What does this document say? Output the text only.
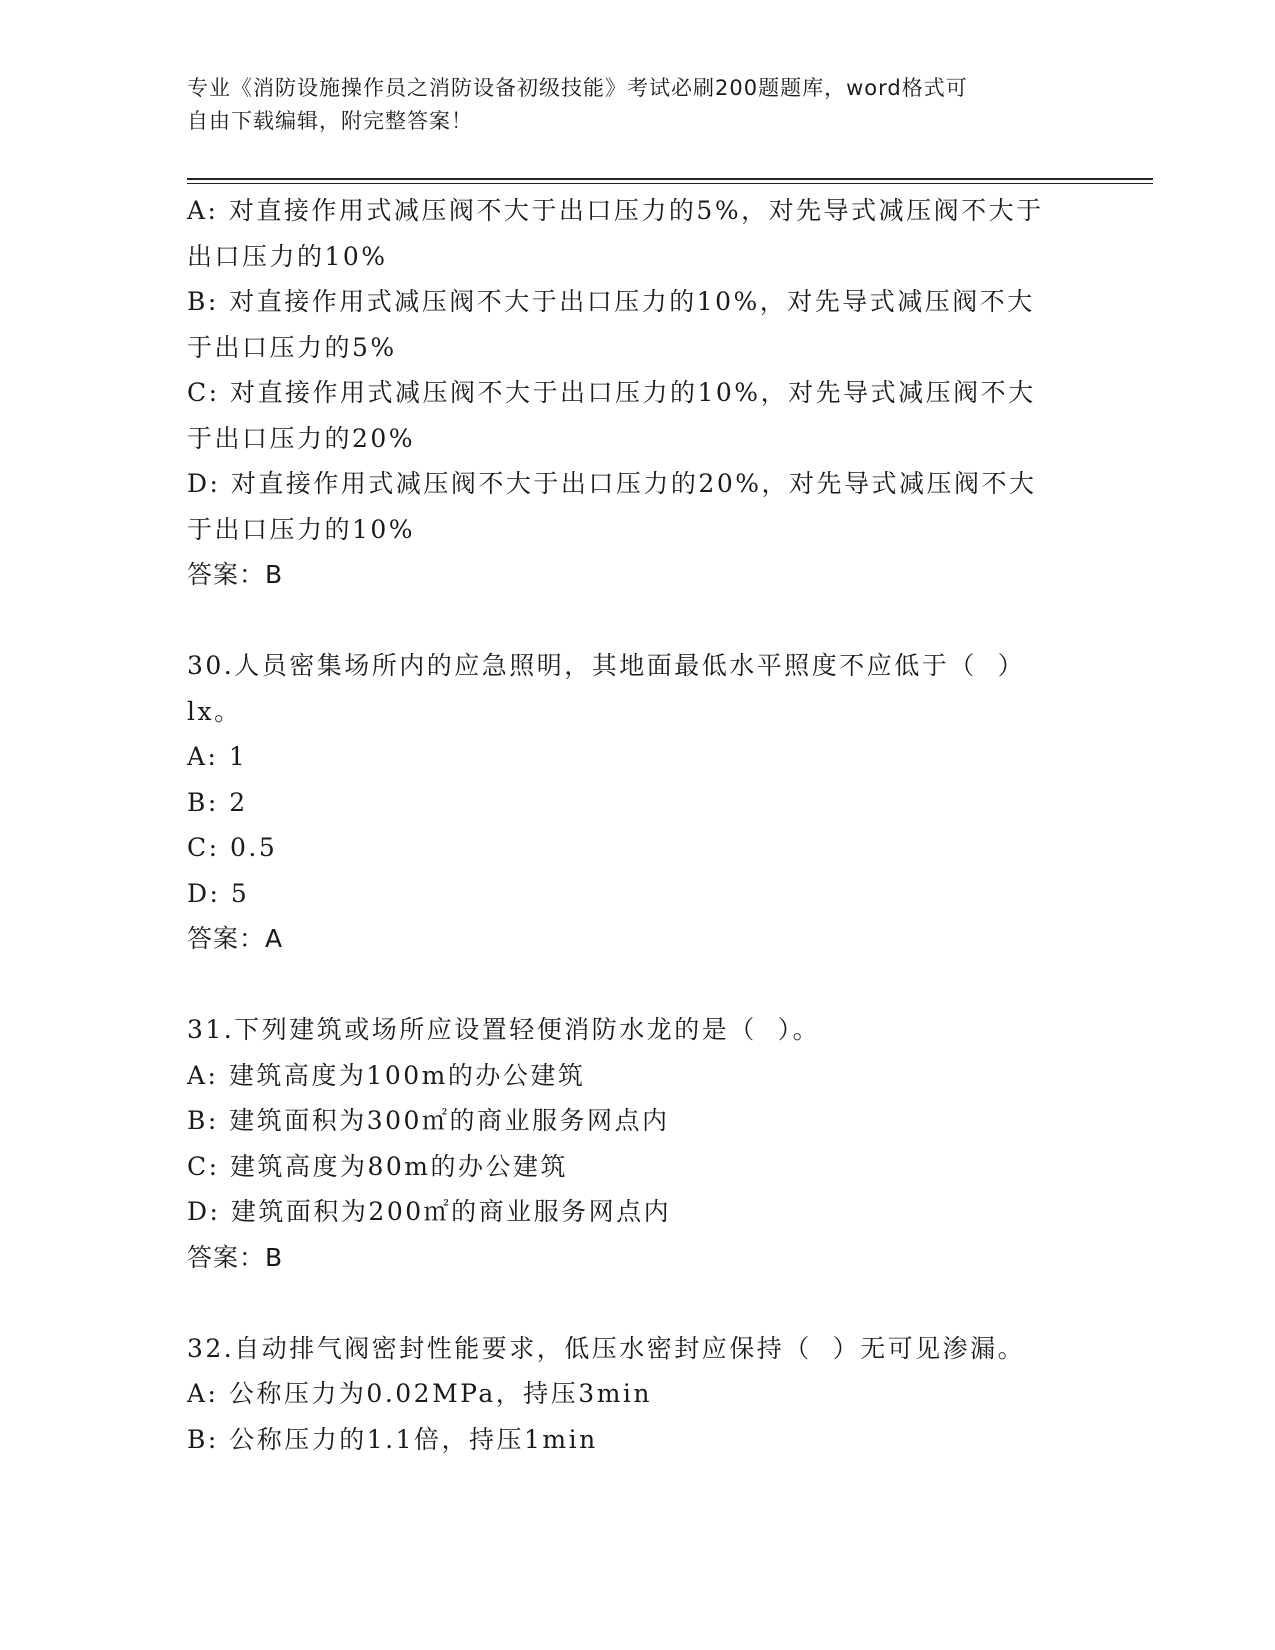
专业《消防设施操作员之消防设备初级技能》考试必刷200题题库，word格式可
自由下载编辑，附完整答案！
A: 对直接作用式减压阀不大于出口压力的5%，对先导式减压阀不大于
出口压力的10%
B: 对直接作用式减压阀不大于出口压力的10%，对先导式减压阀不大
于出口压力的5%
C: 对直接作用式减压阀不大于出口压力的10%，对先导式减压阀不大
于出口压力的20%
D: 对直接作用式减压阀不大于出口压力的20%，对先导式减压阀不大
于出口压力的10%
答案：B
30.人员密集场所内的应急照明，其地面最低水平照度不应低于（  ）
lx。
A: 1
B: 2
C: 0.5
D: 5
答案：A
31.下列建筑或场所应设置轻便消防水龙的是（  ）。
A: 建筑高度为100m的办公建筑
B: 建筑面积为300㎡的商业服务网点内
C: 建筑高度为80m的办公建筑
D: 建筑面积为200㎡的商业服务网点内
答案：B
32.自动排气阀密封性能要求，低压水密封应保持（  ）无可见渗漏。
A: 公称压力为0.02MPa，持压3min
B: 公称压力的1.1倍，持压1min
